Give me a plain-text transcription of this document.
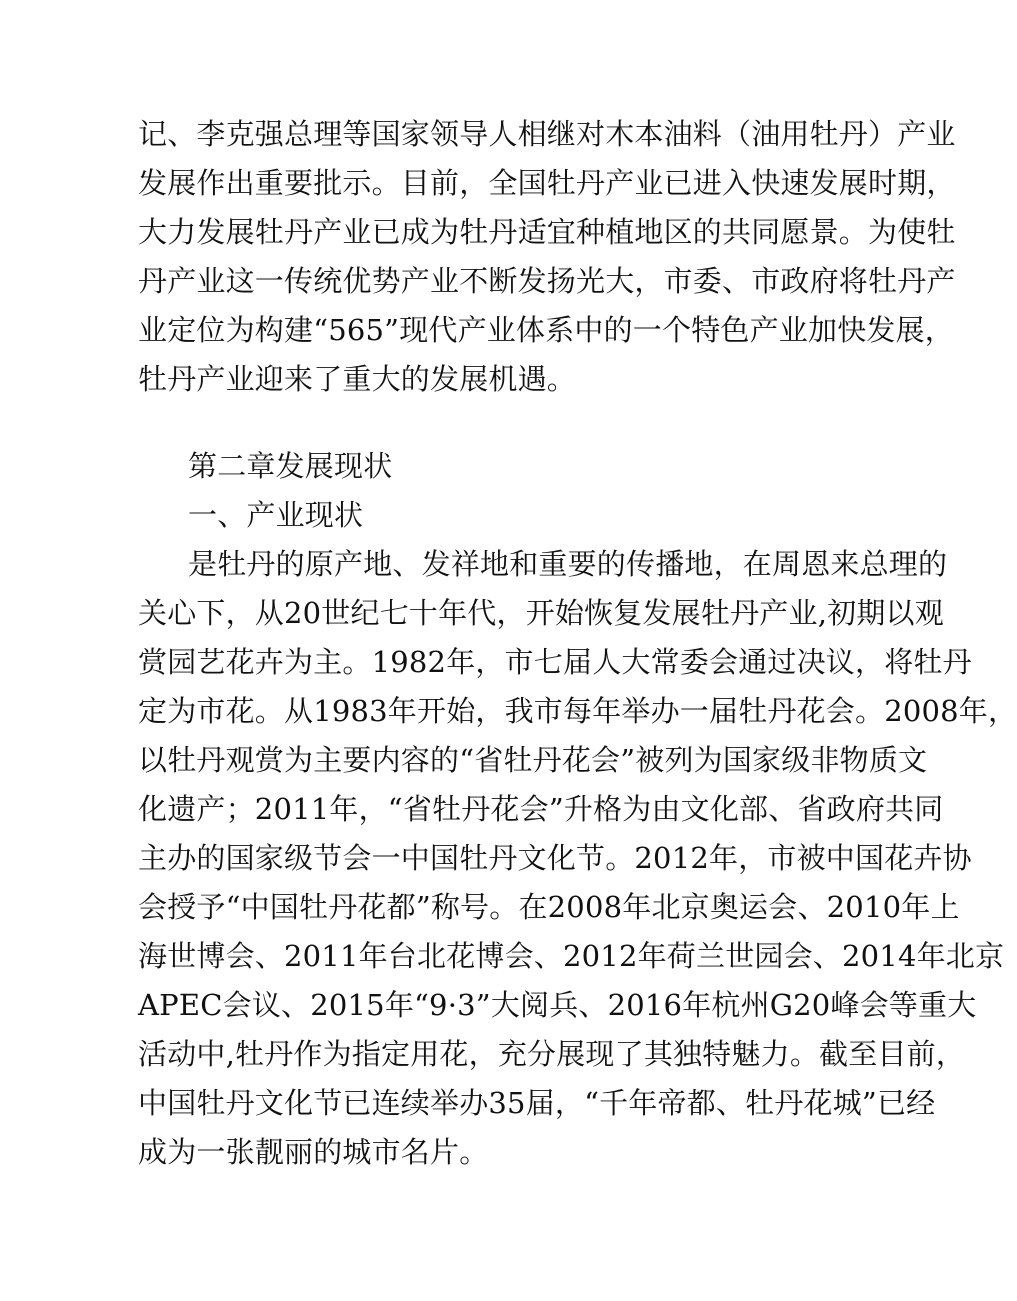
记、李克强总理等国家领导人相继对木本油料（油用牡丹）产业
发展作出重要批示。目前，全国牡丹产业已进入快速发展时期，
大力发展牡丹产业已成为牡丹适宜种植地区的共同愿景。为使牡
丹产业这一传统优势产业不断发扬光大，市委、市政府将牡丹产
业定位为构建“565”现代产业体系中的一个特色产业加快发展，
牡丹产业迎来了重大的发展机遇。
第二章发展现状
一、产业现状
是牡丹的原产地、发祥地和重要的传播地，在周恩来总理的
关心下，从20世纪七十年代，开始恢复发展牡丹产业,初期以观
赏园艺花卉为主。1982年，市七届人大常委会通过决议，将牡丹
定为市花。从1983年开始，我市每年举办一届牡丹花会。2008年，
以牡丹观赏为主要内容的“省牡丹花会”被列为国家级非物质文
化遗产；2011年，“省牡丹花会”升格为由文化部、省政府共同
主办的国家级节会一中国牡丹文化节。2012年，市被中国花卉协
会授予“中国牡丹花都”称号。在2008年北京奥运会、2010年上
海世博会、2011年台北花博会、2012年荷兰世园会、2014年北京
APEC会议、2015年“9·3”大阅兵、2016年杭州G20峰会等重大
活动中,牡丹作为指定用花，充分展现了其独特魅力。截至目前，
中国牡丹文化节已连续举办35届，“千年帝都、牡丹花城”已经
成为一张靓丽的城市名片。
